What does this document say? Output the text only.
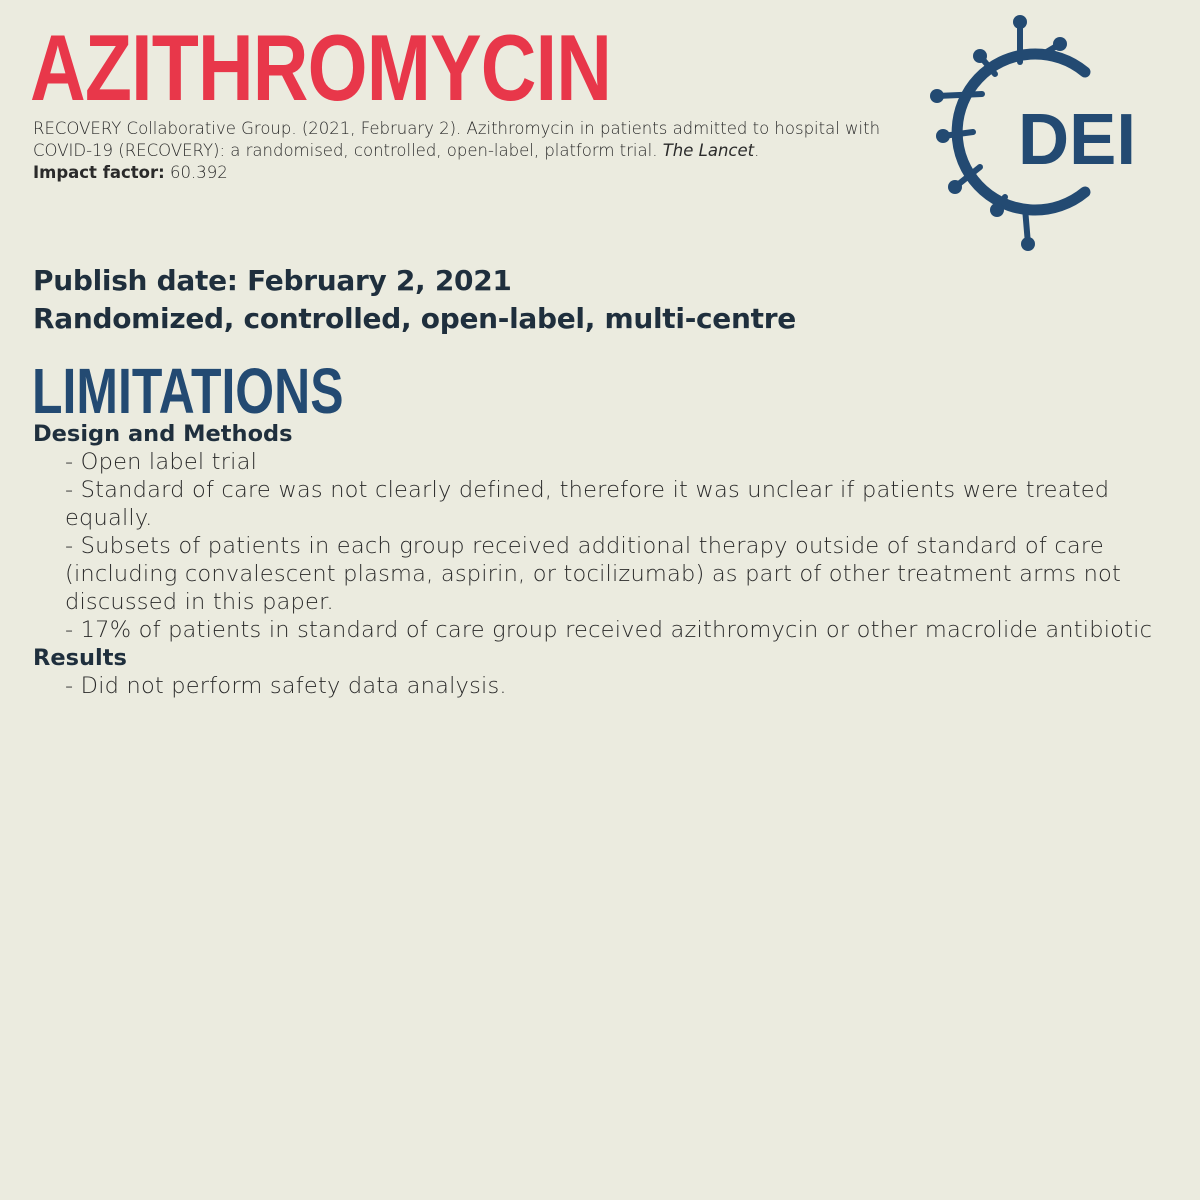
AZITHROMYCIN
RECOVERY Collaborative Group. (2021, February 2). Azithromycin in patients admitted to hospital with COVID-19 (RECOVERY): a randomised, controlled, open-label, platform trial. The Lancet.
Impact factor: 60.392	DEI
Publish date: February 2, 2021
Randomized, controlled, open-label, multi-centre
LIMITATIONS
Design and Methods
- Open label trial
- Standard of care was not clearly defined, therefore it was unclear if patients were treated equally.
- Subsets of patients in each group received additional therapy outside of standard of care (including convalescent plasma, aspirin, or tocilizumab) as part of other treatment arms not discussed in this paper.
- 17% of patients in standard of care group received azithromycin or other macrolide antibiotic
Results
- Did not perform safety data analysis.
